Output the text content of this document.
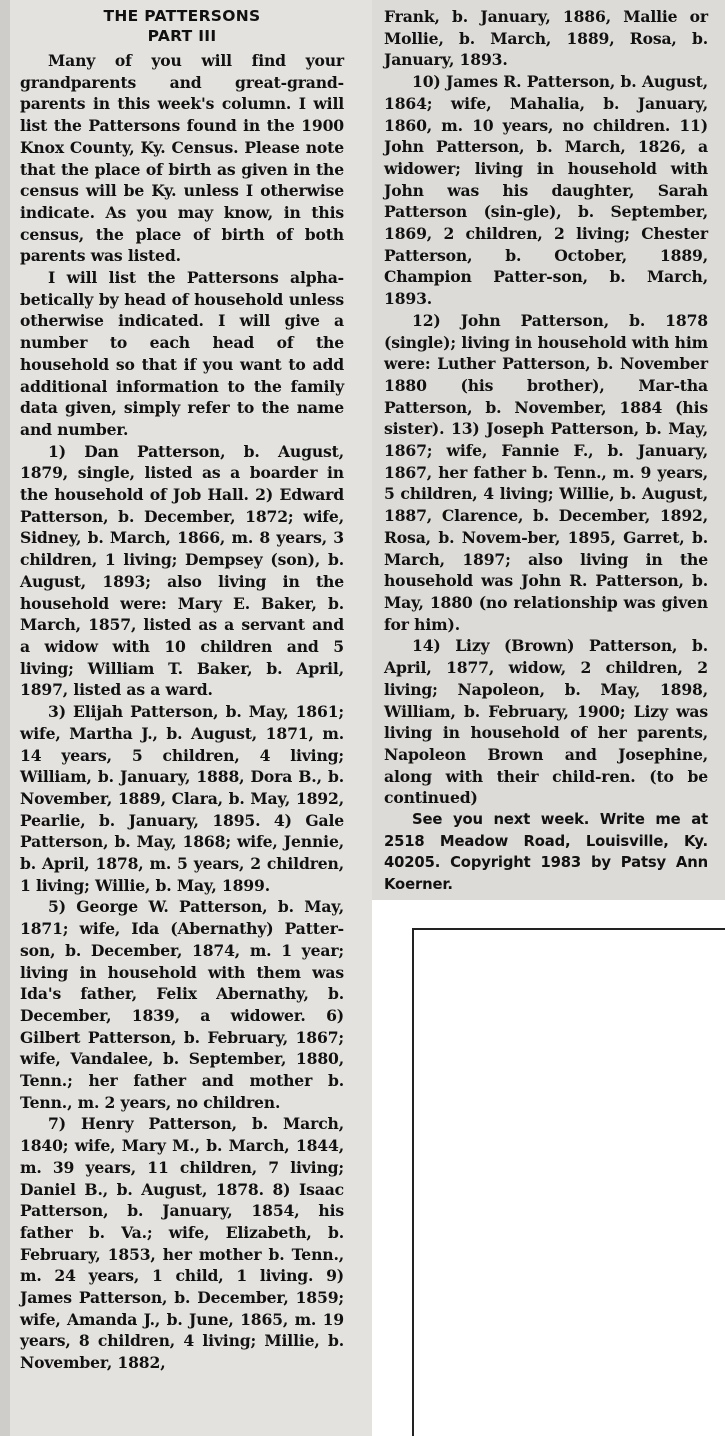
THE PATTERSONS
PART III

Many of you will find your grandparents and great-grand-parents in this week's column. I will list the Pattersons found in the 1900 Knox County, Ky. Census. Please note that the place of birth as given in the census will be Ky. unless I otherwise indicate. As you may know, in this census, the place of birth of both parents was listed.

I will list the Pattersons alpha-betically by head of household unless otherwise indicated. I will give a number to each head of the household so that if you want to add additional information to the family data given, simply refer to the name and number.

1) Dan Patterson, b. August, 1879, single, listed as a boarder in the household of Job Hall. 2) Edward Patterson, b. December, 1872; wife, Sidney, b. March, 1866, m. 8 years, 3 children, 1 living; Dempsey (son), b. August, 1893; also living in the household were: Mary E. Baker, b. March, 1857, listed as a servant and a widow with 10 children and 5 living; William T. Baker, b. April, 1897, listed as a ward.

3) Elijah Patterson, b. May, 1861; wife, Martha J., b. August, 1871, m. 14 years, 5 children, 4 living; William, b. January, 1888, Dora B., b. November, 1889, Clara, b. May, 1892, Pearlie, b. January, 1895. 4) Gale Patterson, b. May, 1868; wife, Jennie, b. April, 1878, m. 5 years, 2 children, 1 living; Willie, b. May, 1899.

5) George W. Patterson, b. May, 1871; wife, Ida (Abernathy) Patter-son, b. December, 1874, m. 1 year; living in household with them was Ida's father, Felix Abernathy, b. December, 1839, a widower. 6) Gilbert Patterson, b. February, 1867; wife, Vandalee, b. September, 1880, Tenn.; her father and mother b. Tenn., m. 2 years, no children.

7) Henry Patterson, b. March, 1840; wife, Mary M., b. March, 1844, m. 39 years, 11 children, 7 living; Daniel B., b. August, 1878. 8) Isaac Patterson, b. January, 1854, his father b. Va.; wife, Elizabeth, b. February, 1853, her mother b. Tenn., m. 24 years, 1 child, 1 living. 9) James Patterson, b. December, 1859; wife, Amanda J., b. June, 1865, m. 19 years, 8 children, 4 living; Millie, b. November, 1882,

Frank, b. January, 1886, Mallie or Mollie, b. March, 1889, Rosa, b. January, 1893.

10) James R. Patterson, b. August, 1864; wife, Mahalia, b. January, 1860, m. 10 years, no children. 11) John Patterson, b. March, 1826, a widower; living in household with John was his daughter, Sarah Patterson (sin-gle), b. September, 1869, 2 children, 2 living; Chester Patterson, b. October, 1889, Champion Patter-son, b. March, 1893.

12) John Patterson, b. 1878 (single); living in household with him were: Luther Patterson, b. November 1880 (his brother), Mar-tha Patterson, b. November, 1884 (his sister). 13) Joseph Patterson, b. May, 1867; wife, Fannie F., b. January, 1867, her father b. Tenn., m. 9 years, 5 children, 4 living; Willie, b. August, 1887, Clarence, b. December, 1892, Rosa, b. Novem-ber, 1895, Garret, b. March, 1897; also living in the household was John R. Patterson, b. May, 1880 (no relationship was given for him).

14) Lizy (Brown) Patterson, b. April, 1877, widow, 2 children, 2 living; Napoleon, b. May, 1898, William, b. February, 1900; Lizy was living in household of her parents, Napoleon Brown and Josephine, along with their child-ren. (to be continued)

See you next week. Write me at 2518 Meadow Road, Louisville, Ky. 40205. Copyright 1983 by Patsy Ann Koerner.
